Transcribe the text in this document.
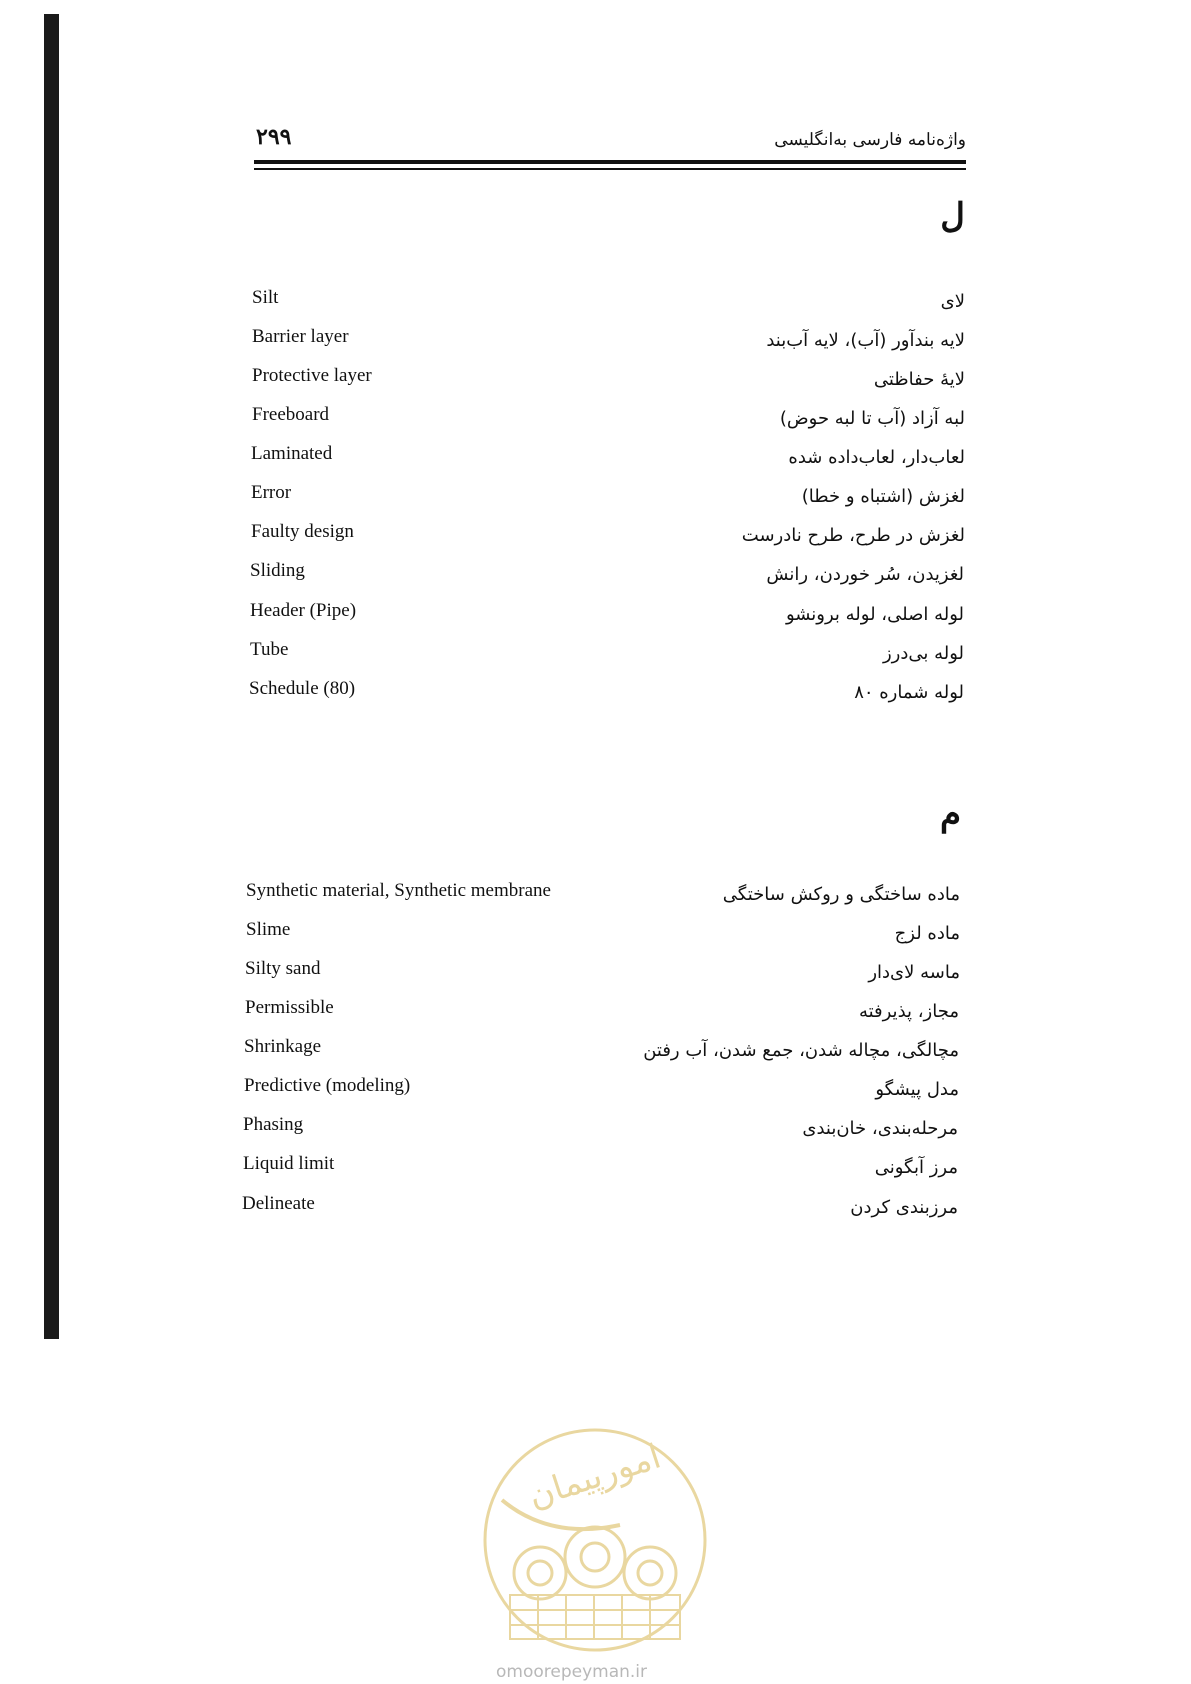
۲۹۹	واژه‌نامه فارسی به‌انگلیسی
ل
Silt	لای
Barrier layer	لایه بندآور (آب)، لایه آب‌بند
Protective layer	لایهٔ حفاظتی
Freeboard	لبه آزاد (آب تا لبه حوض)
Laminated	لعاب‌دار، لعاب‌داده شده
Error	لغزش (اشتباه و خطا)
Faulty design	لغزش در طرح، طرح نادرست
Sliding	لغزیدن، سُر خوردن، رانش
Header (Pipe)	لوله اصلی، لوله برونشو
Tube	لوله بی‌درز
Schedule (80)	لوله شماره ۸۰
م
Synthetic material, Synthetic membrane	ماده ساختگی و روکش ساختگی
Slime	ماده لزج
Silty sand	ماسه لای‌دار
Permissible	مجاز، پذیرفته
Shrinkage	مچالگی، مچاله شدن، جمع شدن، آب رفتن
Predictive (modeling)	مدل پیشگو
Phasing	مرحله‌بندی، خان‌بندی
Liquid limit	مرز آبگونی
Delineate	مرزبندی کردن
امورپیمان
omoorepeyman.ir
